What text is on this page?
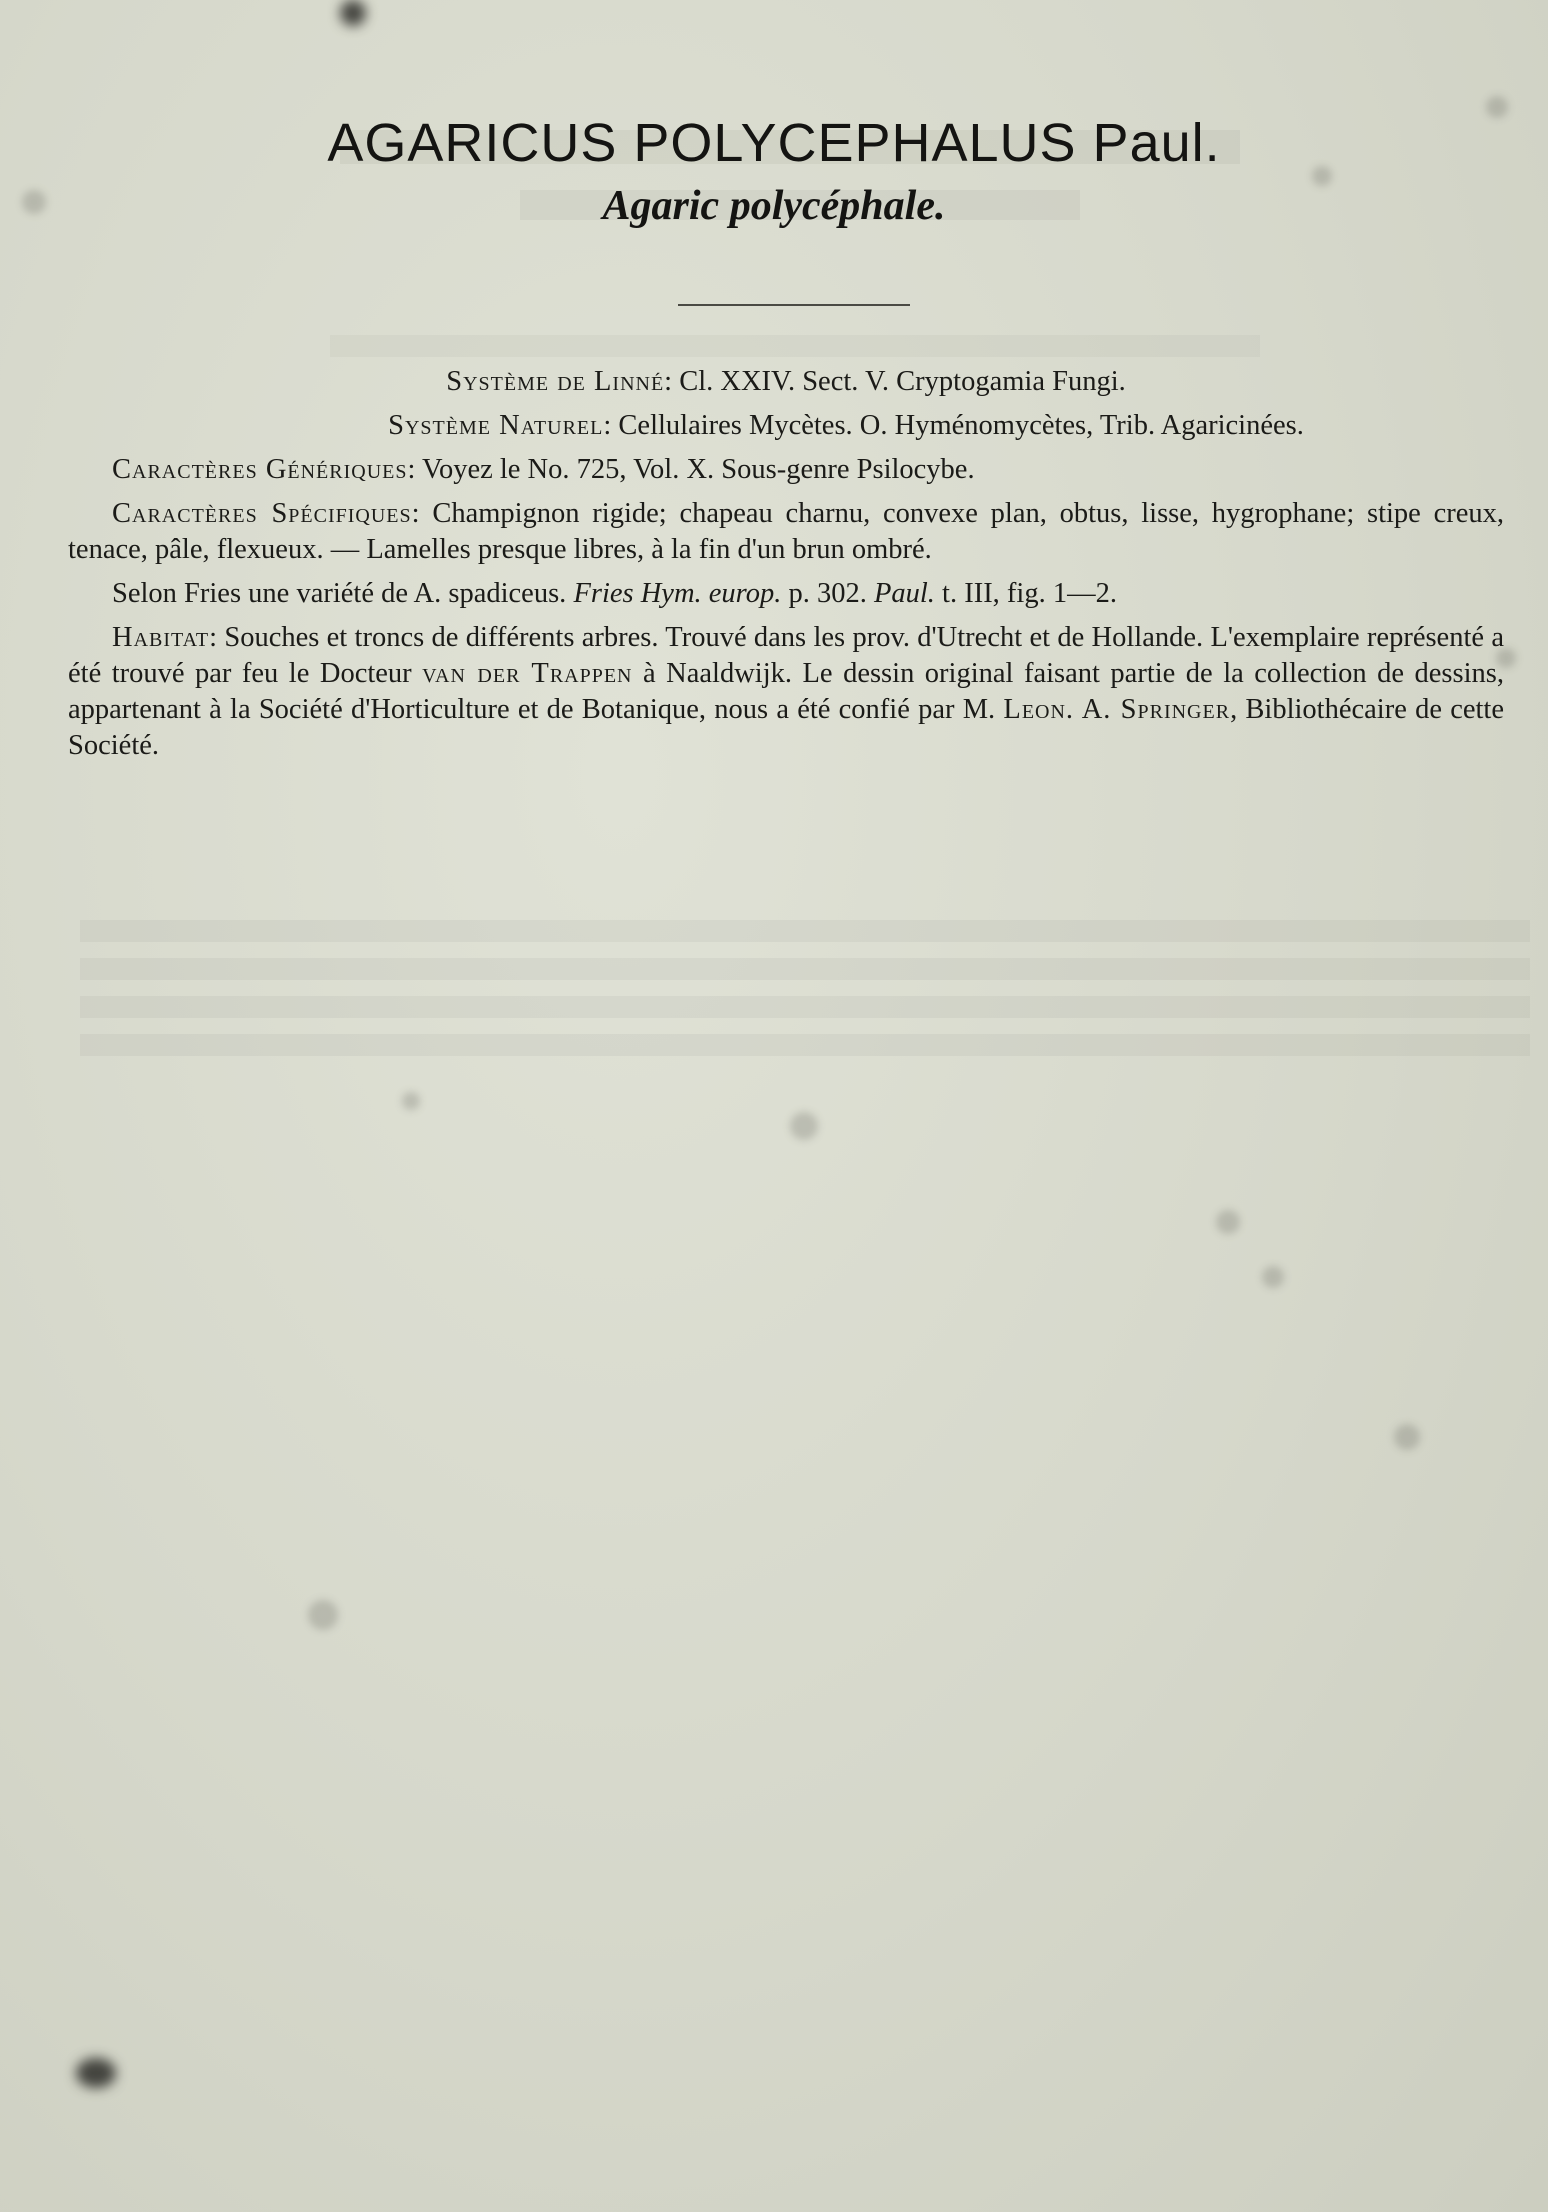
AGARICUS POLYCEPHALUS Paul.
Agaric polycéphale.

Système de Linné: Cl. XXIV. Sect. V. Cryptogamia Fungi.

Système Naturel: Cellulaires Mycètes. O. Hyménomycètes, Trib. Agaricinées.

Caractères Génériques: Voyez le No. 725, Vol. X. Sous-genre Psilocybe.

Caractères Spécifiques: Champignon rigide; chapeau charnu, convexe plan, obtus, lisse, hygrophane; stipe creux, tenace, pâle, flexueux. — Lamelles presque libres, à la fin d'un brun ombré.

Selon Fries une variété de A. spadiceus. Fries Hym. europ. p. 302. Paul. t. III, fig. 1—2.

Habitat: Souches et troncs de différents arbres. Trouvé dans les prov. d'Utrecht et de Hollande. L'exemplaire représenté a été trouvé par feu le Docteur van der Trappen à Naaldwijk. Le dessin original faisant partie de la collection de dessins, appartenant à la Société d'Horticulture et de Botanique, nous a été confié par M. Leon. A. Springer, Bibliothécaire de cette Société.
